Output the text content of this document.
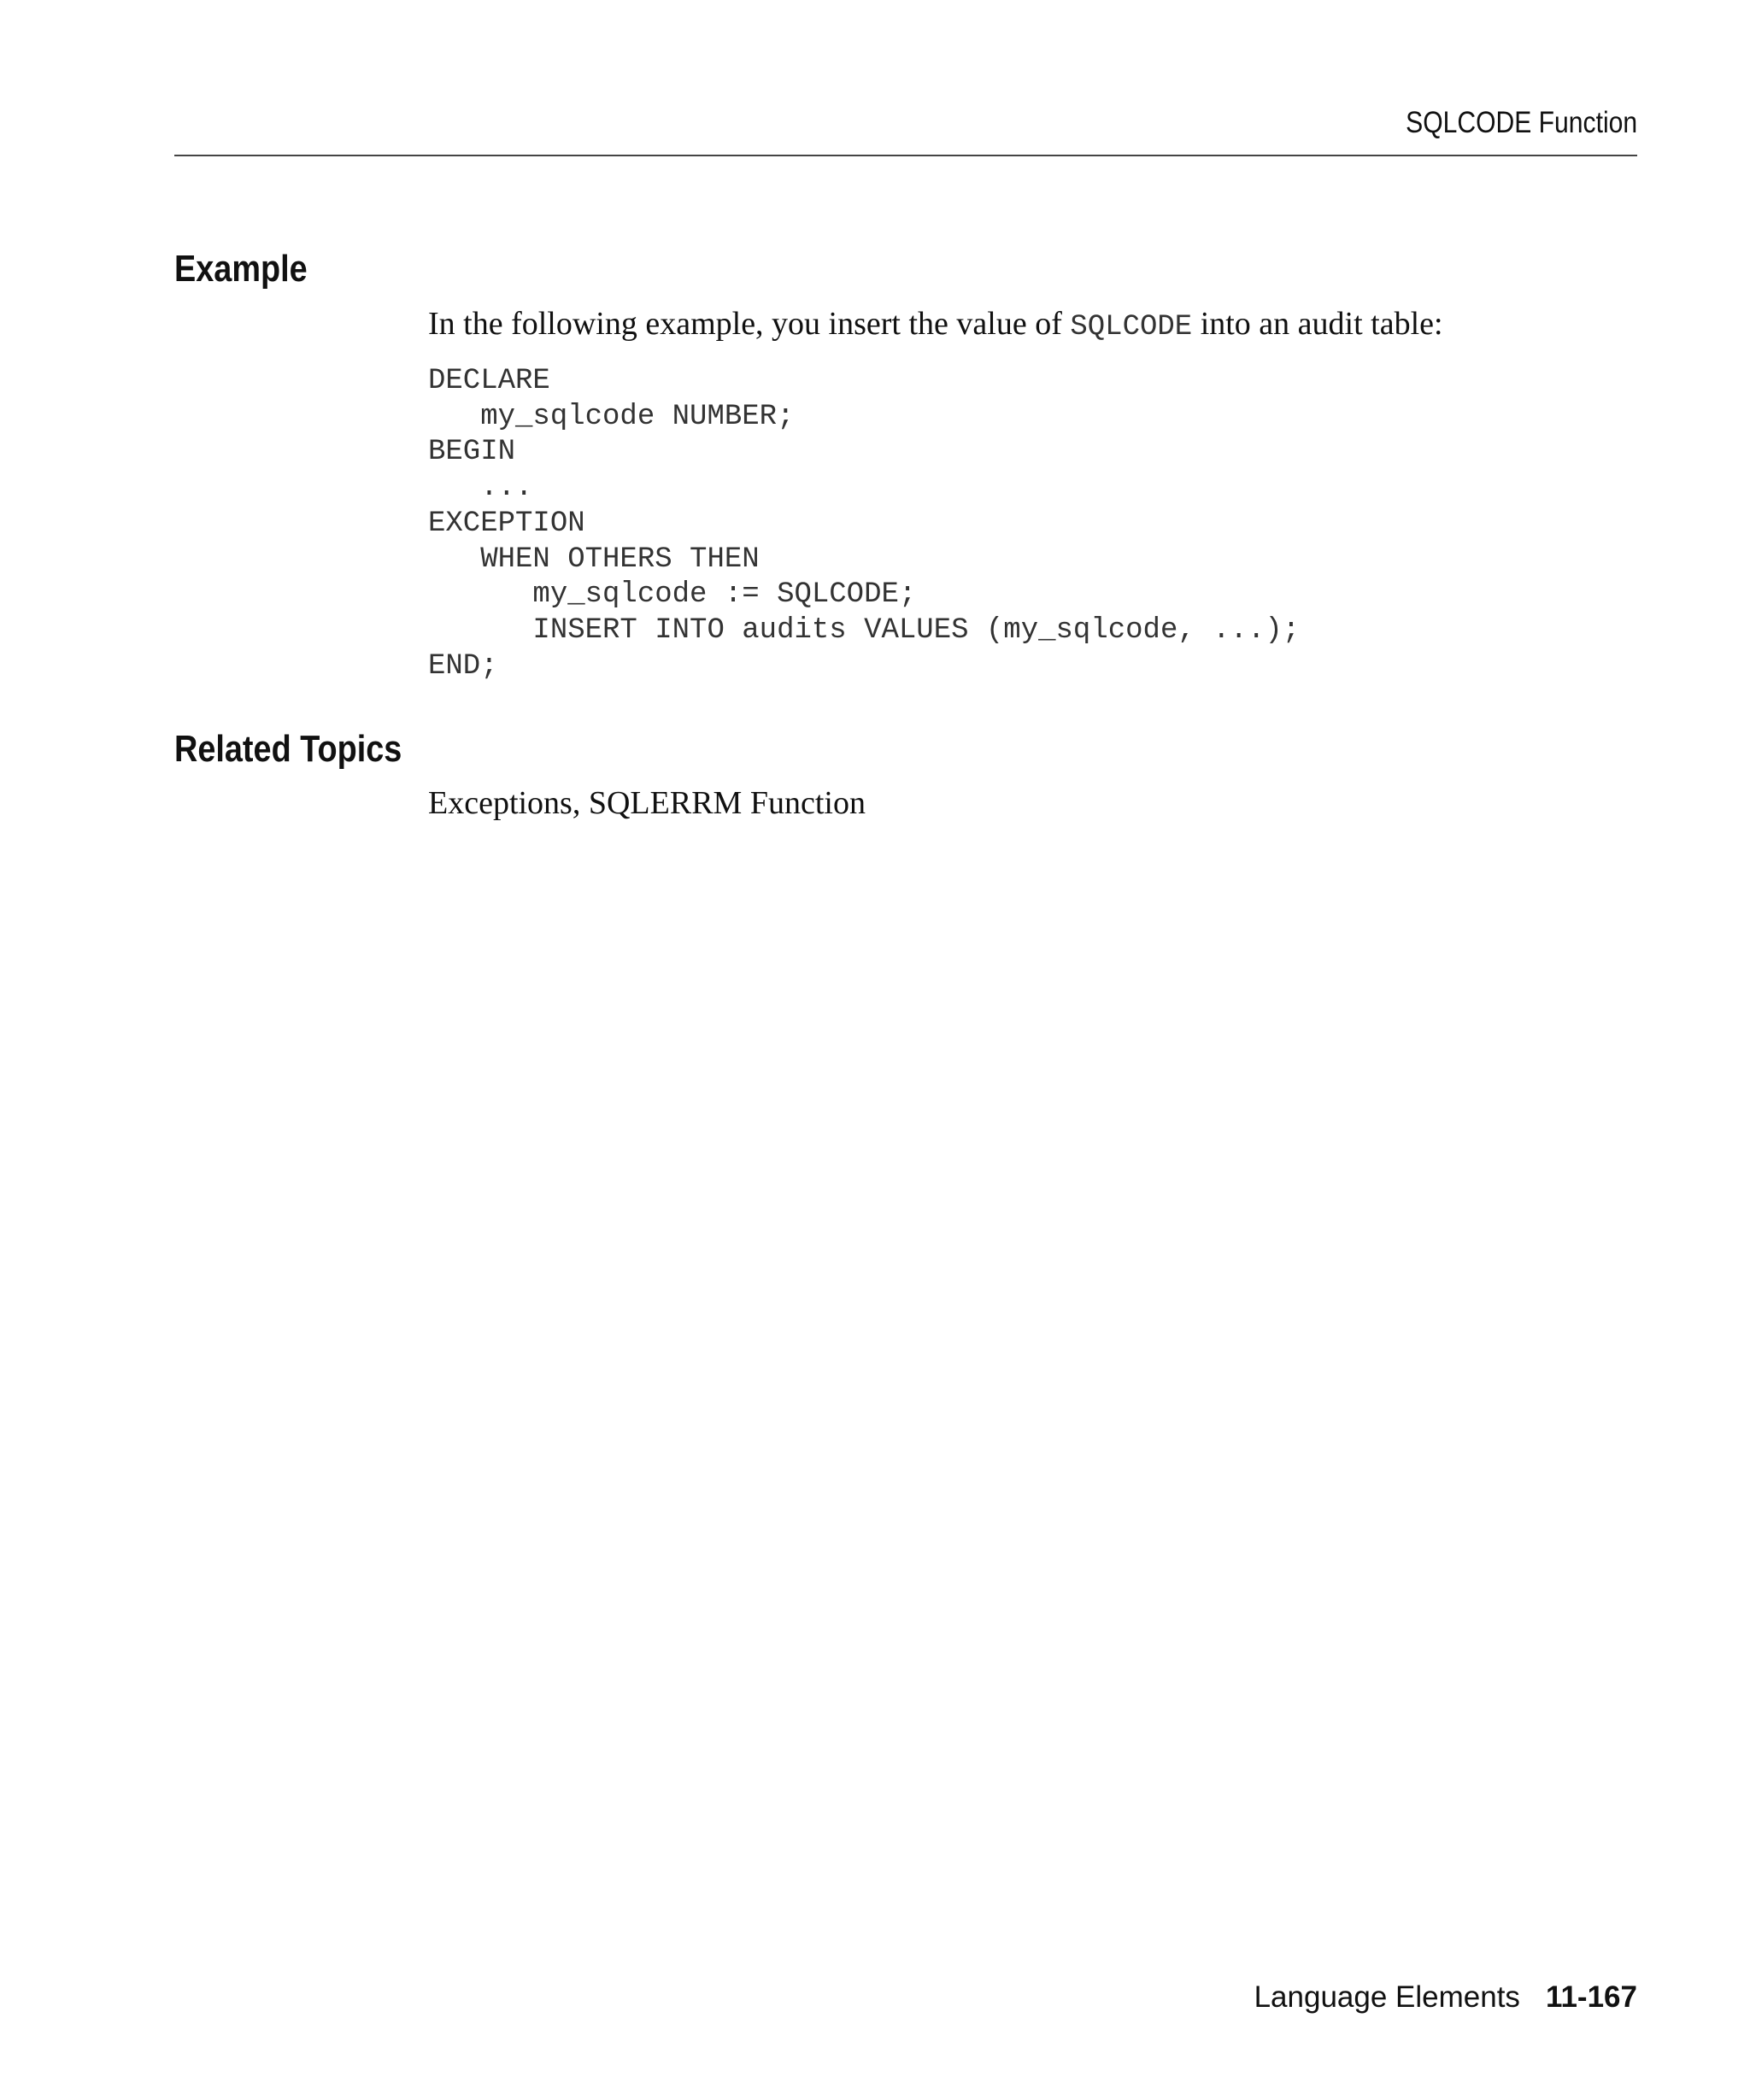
SQLCODE Function
Example

In the following example, you insert the value of SQLCODE into an audit table:

DECLARE
my_sqlcode NUMBER;
BEGIN
...
EXCEPTION
WHEN OTHERS THEN
my_sqlcode := SQLCODE;
INSERT INTO audits VALUES (my_sqlcode, ...);
END;
Related Topics

Exceptions, SQLERRM Function

Language Elements 11-167
